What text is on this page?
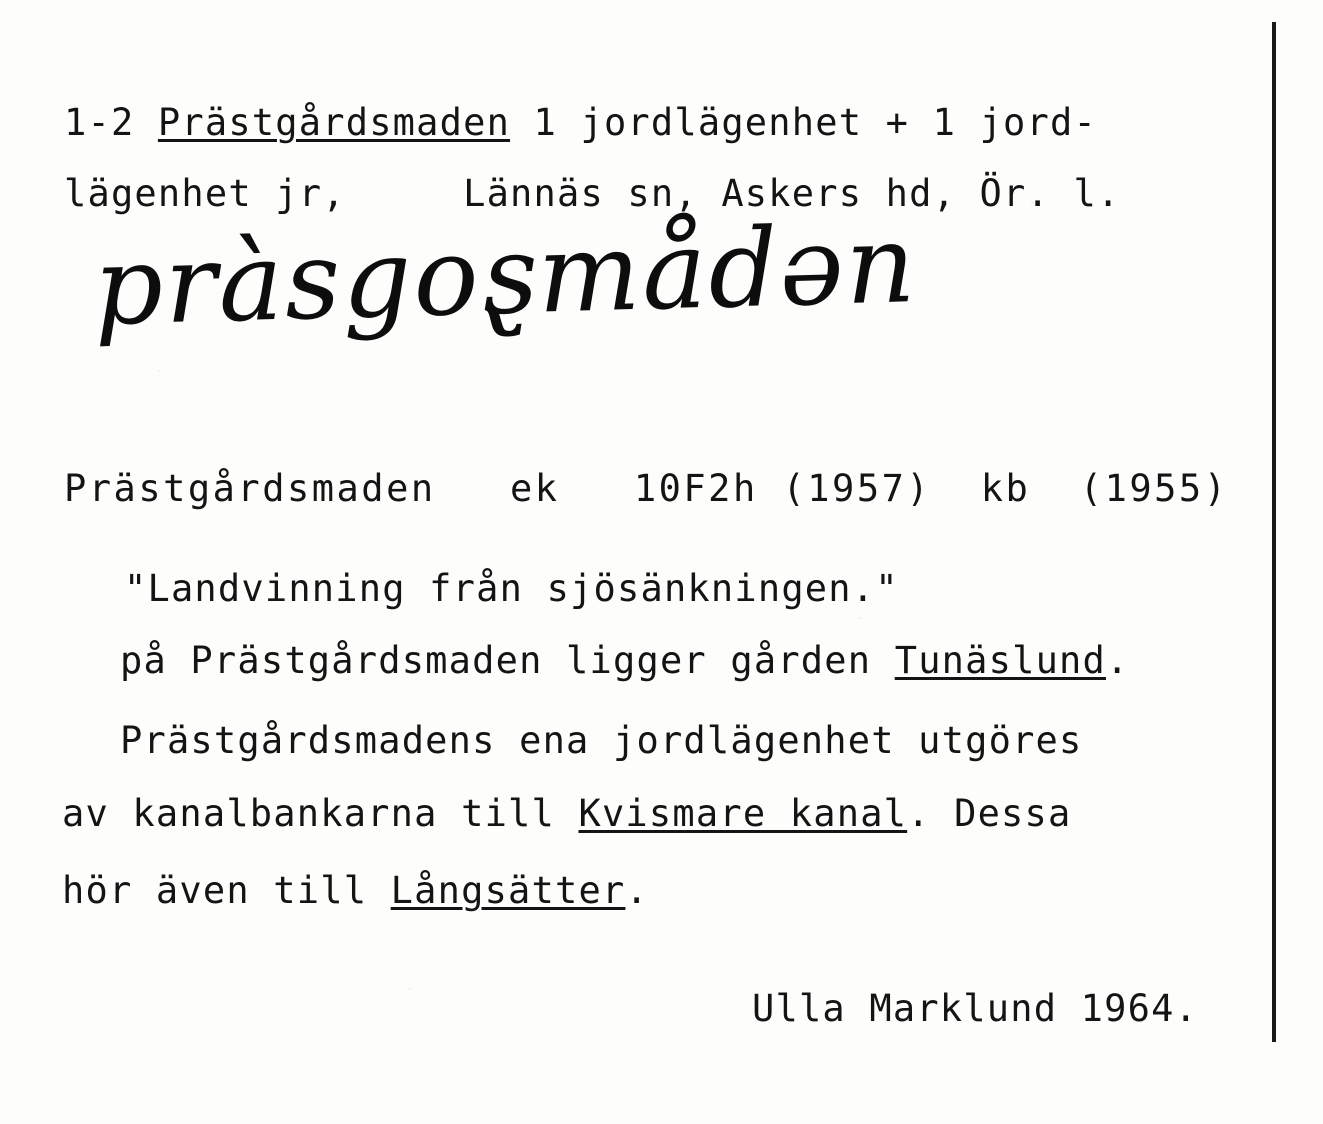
1-2 Prästgårdsmaden 1 jordlägenhet + 1 jord-
lägenhet jr,     Lännäs sn, Askers hd, Ör. l.
pràsgoȿmådən
Prästgårdsmaden   ek   10F2h (1957)  kb  (1955)
"Landvinning från sjösänkningen."
på Prästgårdsmaden ligger gården Tunäslund.
Prästgårdsmadens ena jordlägenhet utgöres
av kanalbankarna till Kvismare kanal. Dessa
hör även till Långsätter.
Ulla Marklund 1964.
